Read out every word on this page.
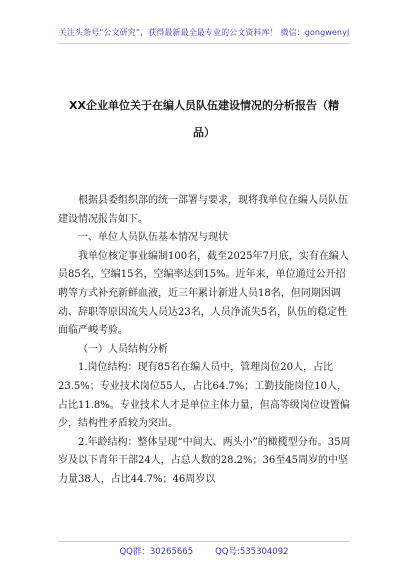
关注头条号“公文研究”，获得最新最全最专业的公文资料库！ 微信：gongwenyj
XX企业单位关于在编人员队伍建设情况的分析报告（精
品）

根据县委组织部的统一部署与要求，现将我单位在编人员队伍建设情况报告如下。

一、单位人员队伍基本情况与现状

我单位核定事业编制100名，截至2025年7月底，实有在编人员85名，空编15名，空编率达到15%。近年来，单位通过公开招聘等方式补充新鲜血液，近三年累计新进人员18名，但同期因调动、辞职等原因流失人员达23名，人员净流失5名，队伍的稳定性面临严峻考验。

（一）人员结构分析

1.岗位结构：现有85名在编人员中，管理岗位20人，占比23.5%；专业技术岗位55人，占比64.7%；工勤技能岗位10人，占比11.8%。专业技术人才是单位主体力量，但高等级岗位设置偏少，结构性矛盾较为突出。

2.年龄结构：整体呈现“中间大、两头小”的橄榄型分布。35周岁及以下青年干部24人，占总人数的28.2%；36至45周岁的中坚力量38人，占比44.7%；46周岁以

QQ群：30265665	QQ号:535304092
